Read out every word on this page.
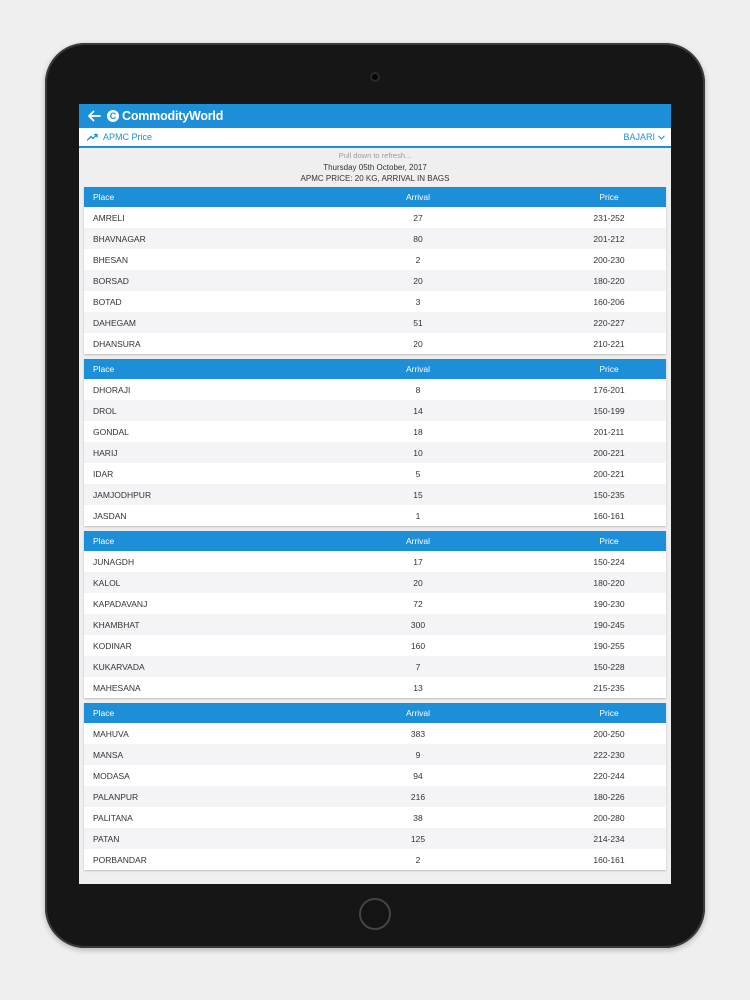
C CommodityWorld
APMC Price	BAJARI
Pull down to refresh...
Thursday 05th October, 2017
APMC PRICE: 20 KG, ARRIVAL IN BAGS
Place	Arrival	Price
AMRELI	27	231-252
BHAVNAGAR	80	201-212
BHESAN	2	200-230
BORSAD	20	180-220
BOTAD	3	160-206
DAHEGAM	51	220-227
DHANSURA	20	210-221
Place	Arrival	Price
DHORAJI	8	176-201
DROL	14	150-199
GONDAL	18	201-211
HARIJ	10	200-221
IDAR	5	200-221
JAMJODHPUR	15	150-235
JASDAN	1	160-161
Place	Arrival	Price
JUNAGDH	17	150-224
KALOL	20	180-220
KAPADAVANJ	72	190-230
KHAMBHAT	300	190-245
KODINAR	160	190-255
KUKARVADA	7	150-228
MAHESANA	13	215-235
Place	Arrival	Price
MAHUVA	383	200-250
MANSA	9	222-230
MODASA	94	220-244
PALANPUR	216	180-226
PALITANA	38	200-280
PATAN	125	214-234
PORBANDAR	2	160-161
